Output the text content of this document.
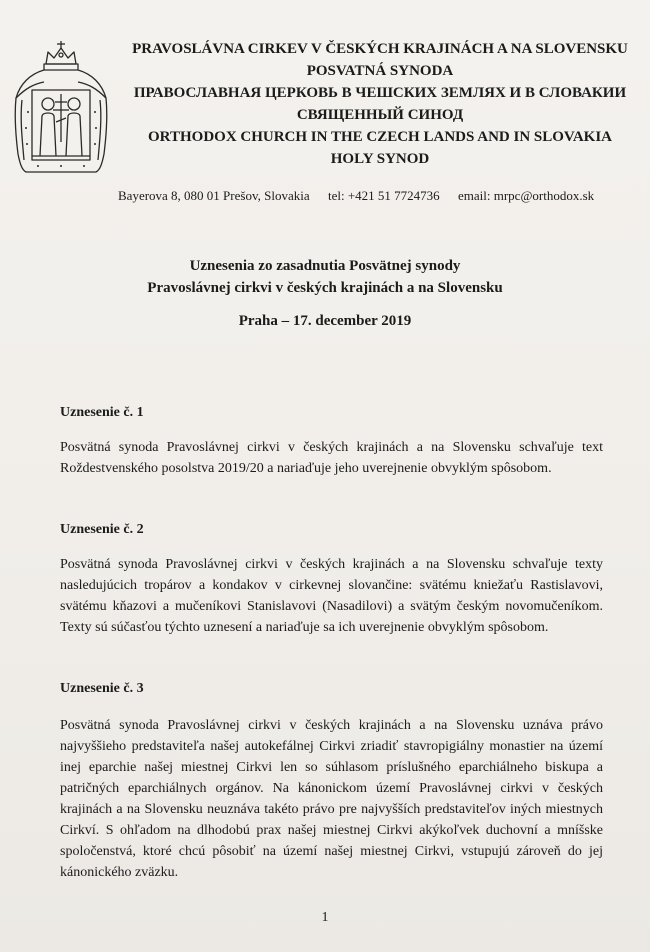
PRAVOSLÁVNA CIRKEV V ČESKÝCH KRAJINÁCH A NA SLOVENSKU
POSVATNÁ SYNODA
ПРАВОСЛАВНАЯ ЦЕРКОВЬ В ЧЕШСКИХ ЗЕМЛЯХ И В СЛОВАКИИ
СВЯЩЕННЫЙ СИНОД
ORTHODOX CHURCH IN THE CZECH LANDS AND IN SLOVAKIA
HOLY SYNOD
Bayerova 8, 080 01 Prešov, Slovakia tel: +421 51 7724736 email: mrpc@orthodox.sk
Uznesenia zo zasadnutia Posvätnej synody
Pravoslávnej cirkvi v českých krajinách a na Slovensku
Praha – 17. december 2019
Uznesenie č. 1
Posvätná synoda Pravoslávnej cirkvi v českých krajinách a na Slovensku schvaľuje text Roždestvenského posolstva 2019/20 a nariaďuje jeho uverejnenie obvyklým spôsobom.
Uznesenie č. 2
Posvätná synoda Pravoslávnej cirkvi v českých krajinách a na Slovensku schvaľuje texty nasledujúcich tropárov a kondakov v cirkevnej slovančine: svätému kniežaťu Rastislavovi, svätému kňazovi a mučeníkovi Stanislavovi (Nasadilovi) a svätým českým novomučeníkom. Texty sú súčasťou týchto uznesení a nariaďuje sa ich uverejnenie obvyklým spôsobom.
Uznesenie č. 3
Posvätná synoda Pravoslávnej cirkvi v českých krajinách a na Slovensku uznáva právo najvyššieho predstaviteľa našej autokefálnej Cirkvi zriadiť stavropigiálny monastier na území inej eparchie našej miestnej Cirkvi len so súhlasom príslušného eparchiálneho biskupa a patričných eparchiálnych orgánov. Na kánonickom území Pravoslávnej cirkvi v českých krajinách a na Slovensku neuznáva takéto právo pre najvyšších predstaviteľov iných miestnych Cirkví. S ohľadom na dlhodobú prax našej miestnej Cirkvi akýkoľvek duchovní a mníšske spoločenstvá, ktoré chcú pôsobiť na území našej miestnej Cirkvi, vstupujú zároveň do jej kánonického zväzku.
1
